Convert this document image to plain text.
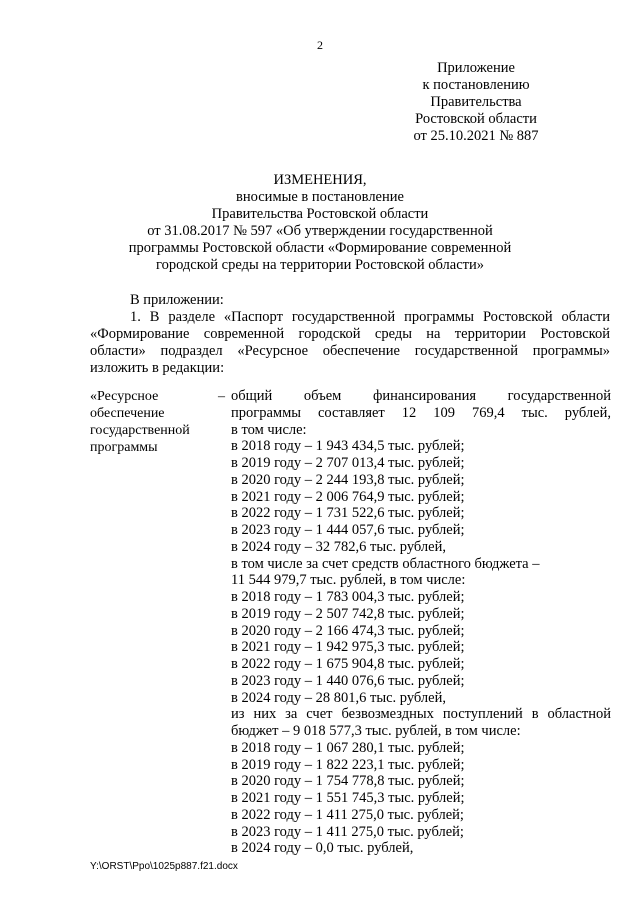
2
Приложение
к постановлению
Правительства
Ростовской области
от 25.10.2021 № 887
ИЗМЕНЕНИЯ,
вносимые в постановление
Правительства Ростовской области
от 31.08.2017 № 597 «Об утверждении государственной
программы Ростовской области «Формирование современной
городской среды на территории Ростовской области»
В приложении:
1. В разделе «Паспорт государственной программы Ростовской области
«Формирование современной городской среды на территории Ростовской
области» подраздел «Ресурсное обеспечение государственной программы»
изложить в редакции:
«Ресурсное
обеспечение
государственной
программы
– общий объем финансирования государственной
программы составляет 12 109 769,4 тыс. рублей,
в том числе:
в 2018 году – 1 943 434,5 тыс. рублей;
в 2019 году – 2 707 013,4 тыс. рублей;
в 2020 году – 2 244 193,8 тыс. рублей;
в 2021 году – 2 006 764,9 тыс. рублей;
в 2022 году – 1 731 522,6 тыс. рублей;
в 2023 году – 1 444 057,6 тыс. рублей;
в 2024 году – 32 782,6 тыс. рублей,
в том числе за счет средств областного бюджета –
11 544 979,7 тыс. рублей, в том числе:
в 2018 году – 1 783 004,3 тыс. рублей;
в 2019 году – 2 507 742,8 тыс. рублей;
в 2020 году – 2 166 474,3 тыс. рублей;
в 2021 году – 1 942 975,3 тыс. рублей;
в 2022 году – 1 675 904,8 тыс. рублей;
в 2023 году – 1 440 076,6 тыс. рублей;
в 2024 году – 28 801,6 тыс. рублей,
из них за счет безвозмездных поступлений в областной
бюджет – 9 018 577,3 тыс. рублей, в том числе:
в 2018 году – 1 067 280,1 тыс. рублей;
в 2019 году – 1 822 223,1 тыс. рублей;
в 2020 году – 1 754 778,8 тыс. рублей;
в 2021 году – 1 551 745,3 тыс. рублей;
в 2022 году – 1 411 275,0 тыс. рублей;
в 2023 году – 1 411 275,0 тыс. рублей;
в 2024 году – 0,0 тыс. рублей,
Y:\ORST\Ppo\1025p887.f21.docx
